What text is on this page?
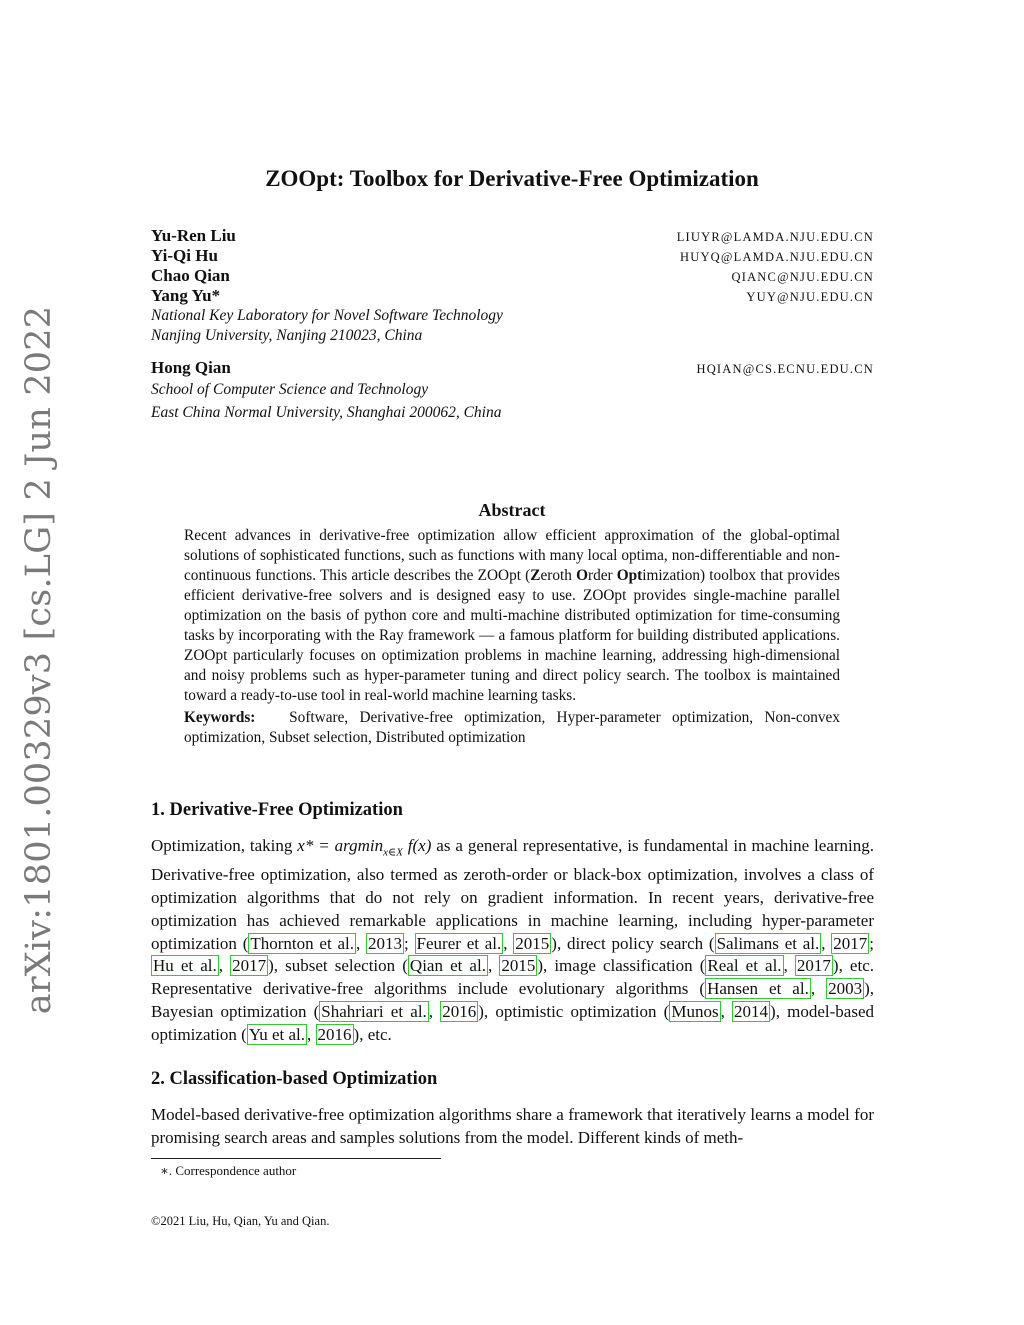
arXiv:1801.00329v3 [cs.LG] 2 Jun 2022
ZOOpt: Toolbox for Derivative-Free Optimization
Yu-Ren Liu	LIUYR@LAMDA.NJU.EDU.CN
Yi-Qi Hu	HUYQ@LAMDA.NJU.EDU.CN
Chao Qian	QIANC@NJU.EDU.CN
Yang Yu*	YUY@NJU.EDU.CN
National Key Laboratory for Novel Software Technology
Nanjing University, Nanjing 210023, China
Hong Qian	HQIAN@CS.ECNU.EDU.CN
School of Computer Science and Technology
East China Normal University, Shanghai 200062, China
Abstract

Recent advances in derivative-free optimization allow efficient approximation of the global-optimal solutions of sophisticated functions, such as functions with many local optima, non-differentiable and non-continuous functions. This article describes the ZOOpt (Zeroth Order Optimization) toolbox that provides efficient derivative-free solvers and is designed easy to use. ZOOpt provides single-machine parallel optimization on the basis of python core and multi-machine distributed optimization for time-consuming tasks by incorporating with the Ray framework — a famous platform for building distributed applications. ZOOpt particularly focuses on optimization problems in machine learning, addressing high-dimensional and noisy problems such as hyper-parameter tuning and direct policy search. The toolbox is maintained toward a ready-to-use tool in real-world machine learning tasks.

Keywords: Software, Derivative-free optimization, Hyper-parameter optimization, Non-convex optimization, Subset selection, Distributed optimization

1. Derivative-Free Optimization

Optimization, taking x* = argmin$_{x\in X}$ f(x) as a general representative, is fundamental in machine learning. Derivative-free optimization, also termed as zeroth-order or black-box optimization, involves a class of optimization algorithms that do not rely on gradient information. In recent years, derivative-free optimization has achieved remarkable applications in machine learning, including hyper-parameter optimization ( Thornton et al. , 2013 ; Feurer et al. , 2015 ), direct policy search ( Salimans et al. , 2017 ; Hu et al. , 2017 ), subset selection ( Qian et al. , 2015 ), image classification ( Real et al. , 2017 ), etc. Representative derivative-free algorithms include evolutionary algorithms ( Hansen et al. , 2003 ), Bayesian optimization ( Shahriari et al. , 2016 ), optimistic optimization ( Munos , 2014 ), model-based optimization ( Yu et al. , 2016 ), etc.

2. Classification-based Optimization

Model-based derivative-free optimization algorithms share a framework that iteratively learns a model for promising search areas and samples solutions from the model. Different kinds of meth-

∗. Correspondence author
©2021 Liu, Hu, Qian, Yu and Qian.
